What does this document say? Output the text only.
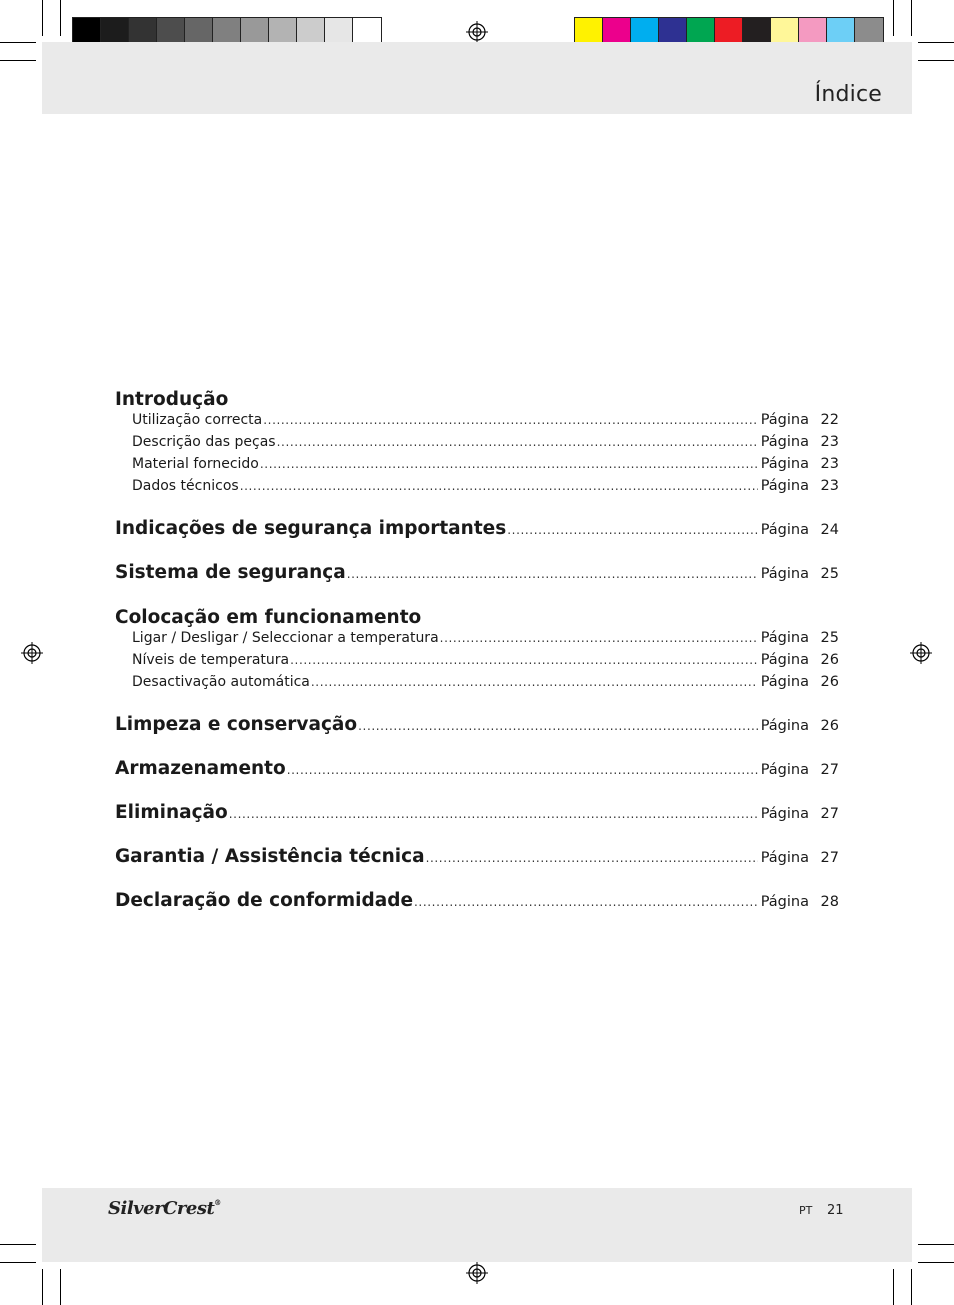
Índice
Introdução
Utilização correcta .....	Página 22
Descrição das peças .....	Página 23
Material fornecido .....	Página 23
Dados técnicos .....	Página 23
Indicações de segurança importantes .....	Página 24
Sistema de segurança .....	Página 25
Colocação em funcionamento
Ligar / Desligar / Seleccionar a temperatura .....	Página 25
Níveis de temperatura .....	Página 26
Desactivação automática .....	Página 26
Limpeza e conservação .....	Página 26
Armazenamento .....	Página 27
Eliminação .....	Página 27
Garantia / Assistência técnica .....	Página 27
Declaração de conformidade .....	Página 28
SilverCrest®
PT 21
